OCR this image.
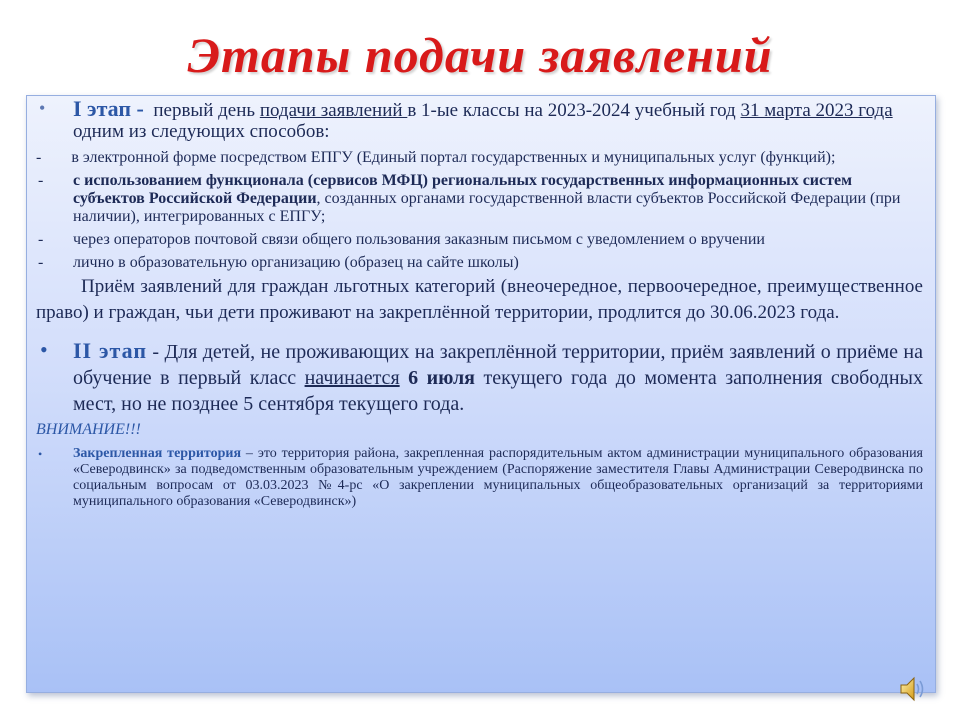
Этапы подачи заявлений

• I этап - первый день подачи заявлений в 1-ые классы на 2023-2024 учебный год 31 марта 2023 года одним из следующих способов:

- в электронной форме посредством ЕПГУ (Единый портал государственных и муниципальных услуг (функций);

- с использованием функционала (сервисов МФЦ) региональных государственных информационных систем субъектов Российской Федерации, созданных органами государственной власти субъектов Российской Федерации (при наличии), интегрированных с ЕПГУ;

- через операторов почтовой связи общего пользования заказным письмом с уведомлением о вручении

- лично в образовательную организацию (образец на сайте школы)

Приём заявлений для граждан льготных категорий (внеочередное, первоочередное, преимущественное право) и граждан, чьи дети проживают на закреплённой территории, продлится до 30.06.2023 года.

• II этап - Для детей, не проживающих на закреплённой территории, приём заявлений о приёме на обучение в первый класс начинается 6 июля текущего года до момента заполнения свободных мест, но не позднее 5 сентября текущего года.

ВНИМАНИЕ!!!

• Закрепленная территория – это территория района, закрепленная распорядительным актом администрации муниципального образования «Северодвинск» за подведомственным образовательным учреждением (Распоряжение заместителя Главы Администрации Северодвинска по социальным вопросам от 03.03.2023 №4-рс «О закреплении муниципальных общеобразовательных организаций за территориями муниципального образования «Северодвинск»)
